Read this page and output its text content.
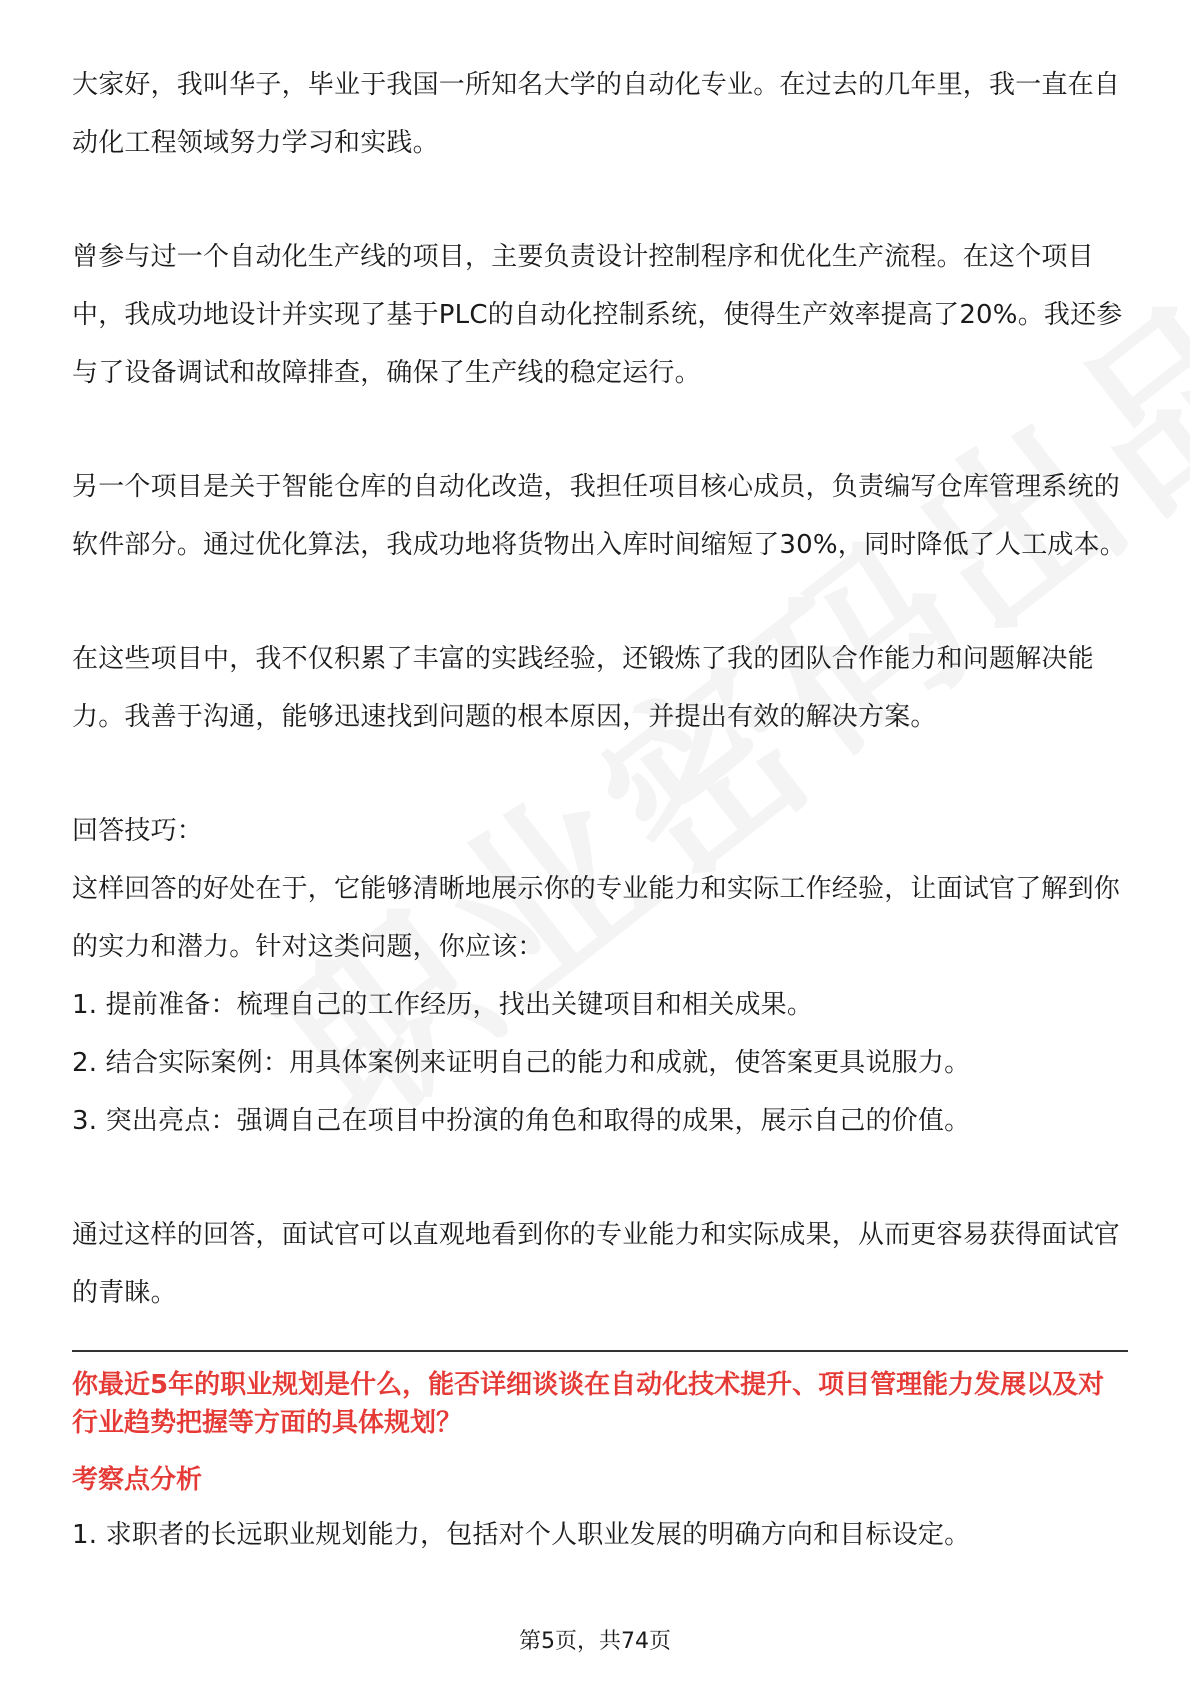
大家好，我叫华子，毕业于我国一所知名大学的自动化专业。在过去的几年里，我一直在自动化工程领域努力学习和实践。

曾参与过一个自动化生产线的项目，主要负责设计控制程序和优化生产流程。在这个项目中，我成功地设计并实现了基于PLC的自动化控制系统，使得生产效率提高了20%。我还参与了设备调试和故障排查，确保了生产线的稳定运行。

另一个项目是关于智能仓库的自动化改造，我担任项目核心成员，负责编写仓库管理系统的软件部分。通过优化算法，我成功地将货物出入库时间缩短了30%，同时降低了人工成本。

在这些项目中，我不仅积累了丰富的实践经验，还锻炼了我的团队合作能力和问题解决能力。我善于沟通，能够迅速找到问题的根本原因，并提出有效的解决方案。

回答技巧：

这样回答的好处在于，它能够清晰地展示你的专业能力和实际工作经验，让面试官了解到你的实力和潜力。针对这类问题，你应该：

1. 提前准备：梳理自己的工作经历，找出关键项目和相关成果。

2. 结合实际案例：用具体案例来证明自己的能力和成就，使答案更具说服力。

3. 突出亮点：强调自己在项目中扮演的角色和取得的成果，展示自己的价值。

通过这样的回答，面试官可以直观地看到你的专业能力和实际成果，从而更容易获得面试官的青睐。

你最近5年的职业规划是什么，能否详细谈谈在自动化技术提升、项目管理能力发展以及对行业趋势把握等方面的具体规划？

考察点分析

1. 求职者的长远职业规划能力，包括对个人职业发展的明确方向和目标设定。

第5页，共74页
